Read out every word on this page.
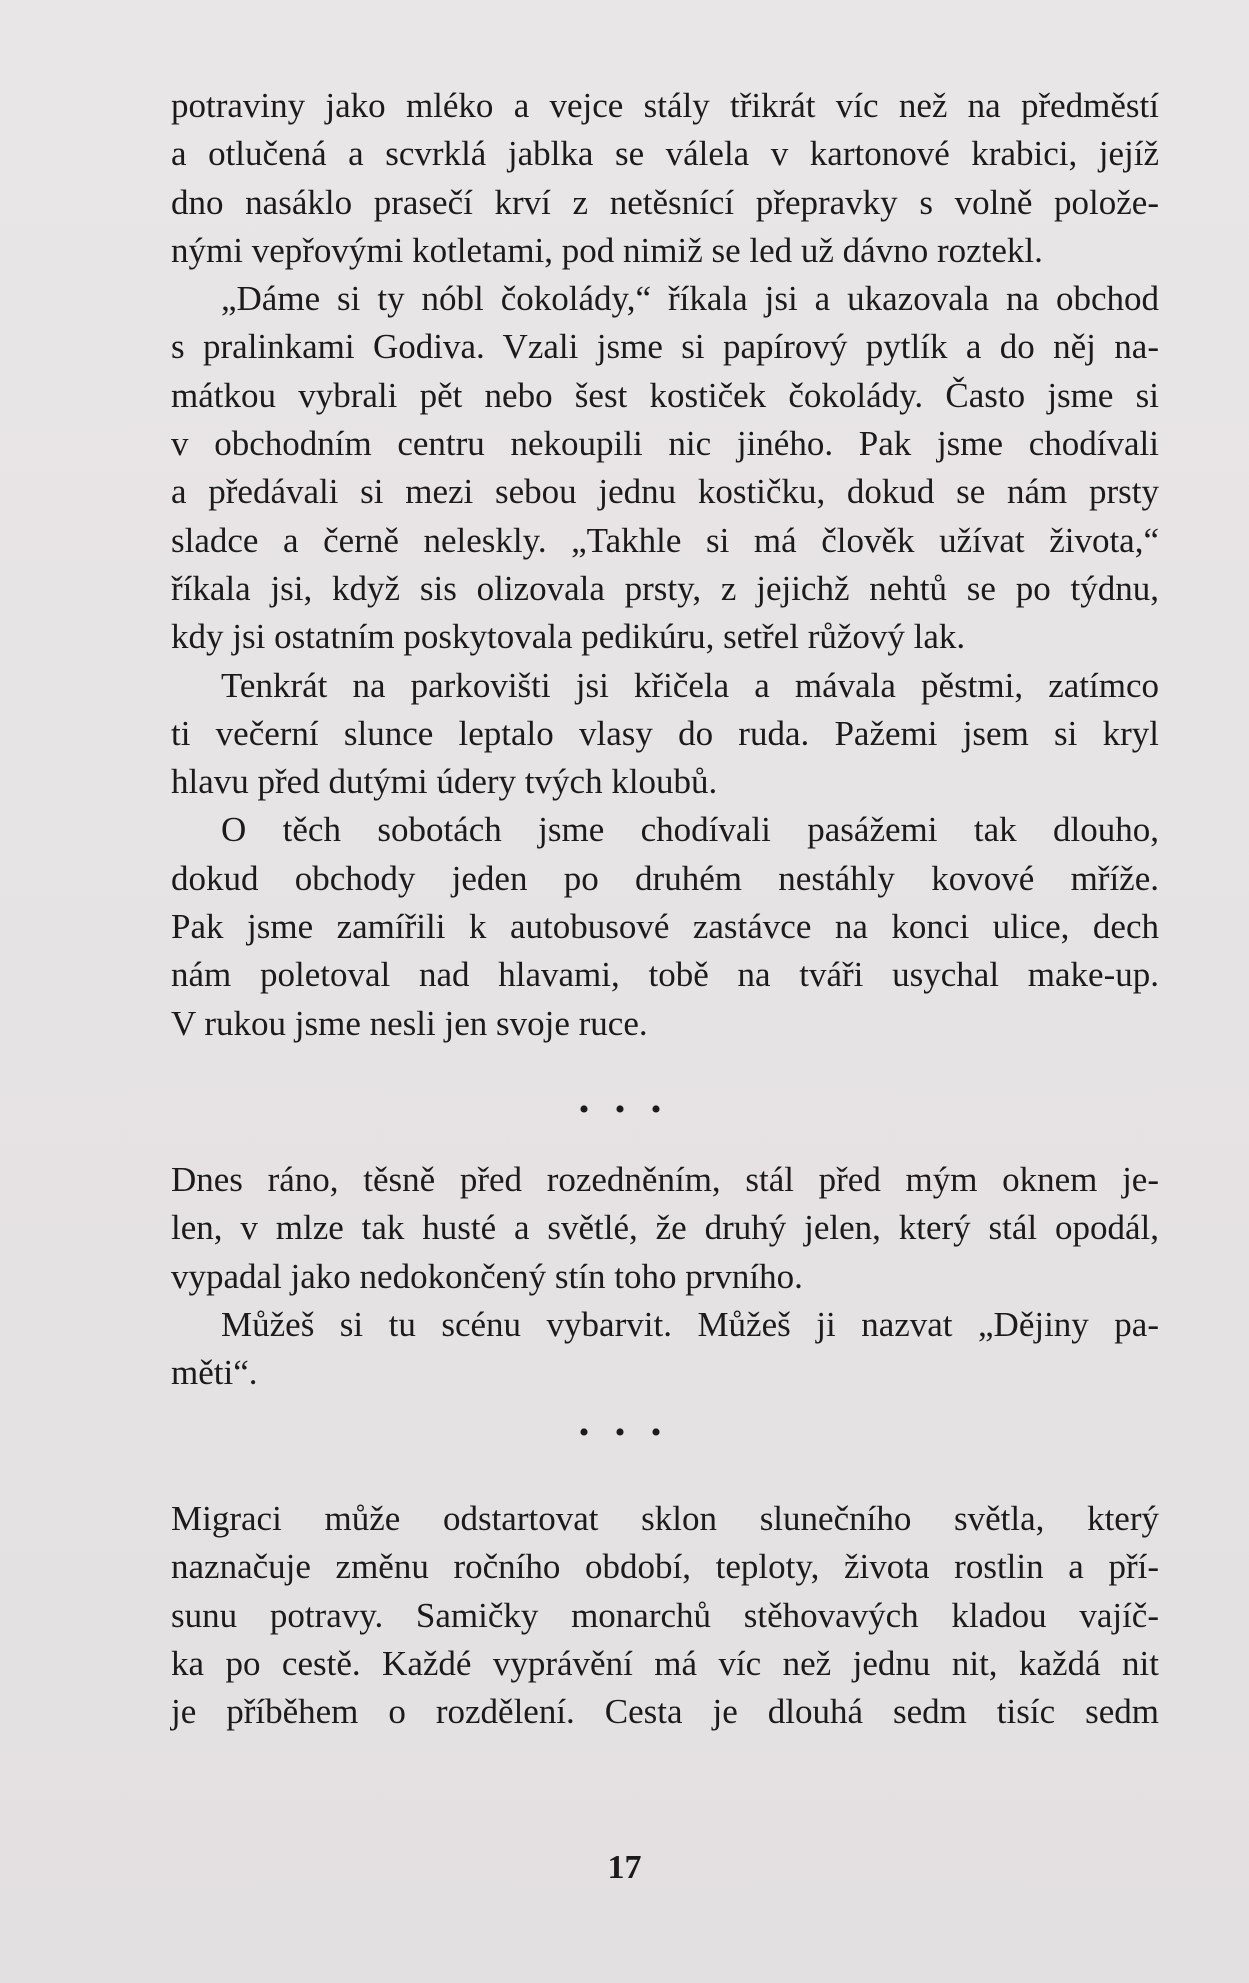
potraviny jako mléko a vejce stály třikrát víc než na předměstí
a otlučená a scvrklá jablka se válela v kartonové krabici, jejíž
dno nasáklo prasečí krví z netěsnící přepravky s volně polože-
nými vepřovými kotletami, pod nimiž se led už dávno roztekl.
„Dáme si ty nóbl čokolády,“ říkala jsi a ukazovala na obchod
s pralinkami Godiva. Vzali jsme si papírový pytlík a do něj na-
mátkou vybrali pět nebo šest kostiček čokolády. Často jsme si
v obchodním centru nekoupili nic jiného. Pak jsme chodívali
a předávali si mezi sebou jednu kostičku, dokud se nám prsty
sladce a černě neleskly. „Takhle si má člověk užívat života,“
říkala jsi, když sis olizovala prsty, z jejichž nehtů se po týdnu,
kdy jsi ostatním poskytovala pedikúru, setřel růžový lak.
Tenkrát na parkovišti jsi křičela a mávala pěstmi, zatímco
ti večerní slunce leptalo vlasy do ruda. Pažemi jsem si kryl
hlavu před dutými údery tvých kloubů.
O těch sobotách jsme chodívali pasážemi tak dlouho,
dokud obchody jeden po druhém nestáhly kovové mříže.
Pak jsme zamířili k autobusové zastávce na konci ulice, dech
nám poletoval nad hlavami, tobě na tváři usychal make-up.
V rukou jsme nesli jen svoje ruce.
• • •
Dnes ráno, těsně před rozedněním, stál před mým oknem je-
len, v mlze tak husté a světlé, že druhý jelen, který stál opodál,
vypadal jako nedokončený stín toho prvního.
Můžeš si tu scénu vybarvit. Můžeš ji nazvat „Dějiny pa-
měti“.
• • •
Migraci může odstartovat sklon slunečního světla, který
naznačuje změnu ročního období, teploty, života rostlin a pří-
sunu potravy. Samičky monarchů stěhovavých kladou vajíč-
ka po cestě. Každé vyprávění má víc než jednu nit, každá nit
je příběhem o rozdělení. Cesta je dlouhá sedm tisíc sedm
17
